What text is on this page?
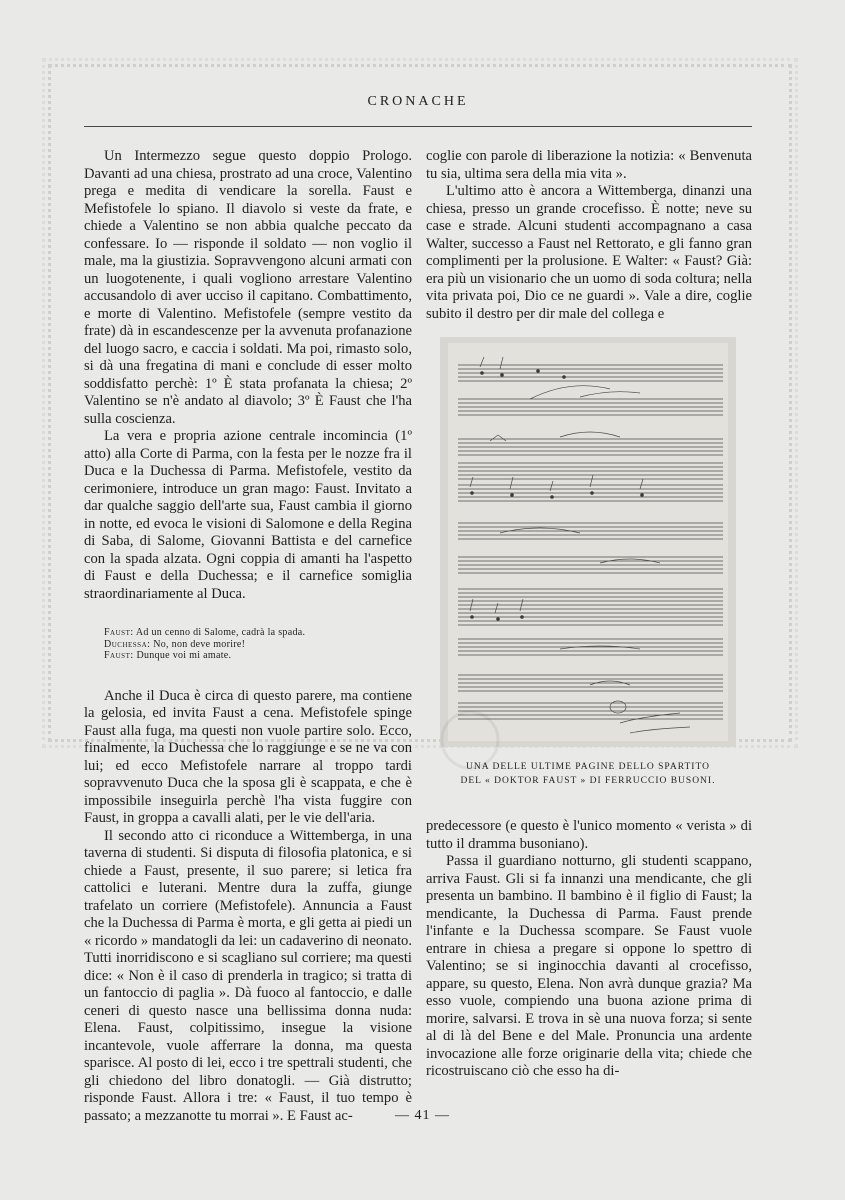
CRONACHE

Un Intermezzo segue questo doppio Prologo. Davanti ad una chiesa, prostrato ad una croce, Valentino prega e medita di vendicare la sorella. Faust e Mefistofele lo spiano. Il diavolo si veste da frate, e chiede a Valentino se non abbia qualche peccato da confessare. Io — risponde il soldato — non voglio il male, ma la giustizia. Sopravvengono alcuni armati con un luogotenente, i quali vogliono arrestare Valentino accusandolo di aver ucciso il capitano. Combattimento, e morte di Valentino. Mefistofele (sempre vestito da frate) dà in escandescenze per la avvenuta profanazione del luogo sacro, e caccia i soldati. Ma poi, rimasto solo, si dà una fregatina di mani e conclude di esser molto soddisfatto perchè: 1º È stata profanata la chiesa; 2º Valentino se n'è andato al diavolo; 3º È Faust che l'ha sulla coscienza.

La vera e propria azione centrale incomincia (1º atto) alla Corte di Parma, con la festa per le nozze fra il Duca e la Duchessa di Parma. Mefistofele, vestito da cerimoniere, introduce un gran mago: Faust. Invitato a dar qualche saggio dell'arte sua, Faust cambia il giorno in notte, ed evoca le visioni di Salomone e della Regina di Saba, di Salome, Giovanni Battista e del carnefice con la spada alzata. Ogni coppia di amanti ha l'aspetto di Faust e della Duchessa; e il carnefice somiglia straordinariamente al Duca.

Faust: Ad un cenno di Salome, cadrà la spada.
Duchessa: No, non deve morire!
Faust: Dunque voi mi amate.

Anche il Duca è circa di questo parere, ma contiene la gelosia, ed invita Faust a cena. Mefistofele spinge Faust alla fuga, ma questi non vuole partire solo. Ecco, finalmente, la Duchessa che lo raggiunge e se ne va con lui; ed ecco Mefistofele narrare al troppo tardi sopravvenuto Duca che la sposa gli è scappata, e che è impossibile inseguirla perchè l'ha vista fuggire con Faust, in groppa a cavalli alati, per le vie dell'aria.

Il secondo atto ci riconduce a Wittemberga, in una taverna di studenti. Si disputa di filosofia platonica, e si chiede a Faust, presente, il suo parere; si letica fra cattolici e luterani. Mentre dura la zuffa, giunge trafelato un corriere (Mefistofele). Annuncia a Faust che la Duchessa di Parma è morta, e gli getta ai piedi un « ricordo » mandatogli da lei: un cadaverino di neonato. Tutti inorridiscono e si scagliano sul corriere; ma questi dice: « Non è il caso di prenderla in tragico; si tratta di un fantoccio di paglia ». Dà fuoco al fantoccio, e dalle ceneri di questo nasce una bellissima donna nuda: Elena. Faust, colpitissimo, insegue la visione incantevole, vuole afferrare la donna, ma questa sparisce. Al posto di lei, ecco i tre spettrali studenti, che gli chiedono del libro donatogli. — Già distrutto; risponde Faust. Allora i tre: « Faust, il tuo tempo è passato; a mezzanotte tu morrai ». E Faust ac-

coglie con parole di liberazione la notizia: « Benvenuta tu sia, ultima sera della mia vita ».

L'ultimo atto è ancora a Wittemberga, dinanzi una chiesa, presso un grande crocefisso. È notte; neve su case e strade. Alcuni studenti accompagnano a casa Walter, successo a Faust nel Rettorato, e gli fanno gran complimenti per la prolusione. E Walter: « Faust? Già: era più un visionario che un uomo di soda coltura; nella vita privata poi, Dio ce ne guardi ». Vale a dire, coglie subito il destro per dir male del collega e

UNA DELLE ULTIME PAGINE DELLO SPARTITO
DEL « DOKTOR FAUST » DI FERRUCCIO BUSONI.

predecessore (e questo è l'unico momento « verista » di tutto il dramma busoniano).

Passa il guardiano notturno, gli studenti scappano, arriva Faust. Gli si fa innanzi una mendicante, che gli presenta un bambino. Il bambino è il figlio di Faust; la mendicante, la Duchessa di Parma. Faust prende l'infante e la Duchessa scompare. Se Faust vuole entrare in chiesa a pregare si oppone lo spettro di Valentino; se si inginocchia davanti al crocefisso, appare, su questo, Elena. Non avrà dunque grazia? Ma esso vuole, compiendo una buona azione prima di morire, salvarsi. E trova in sè una nuova forza; si sente al di là del Bene e del Male. Pronuncia una ardente invocazione alle forze originarie della vita; chiede che ricostruiscano ciò che esso ha di-

— 41 —
